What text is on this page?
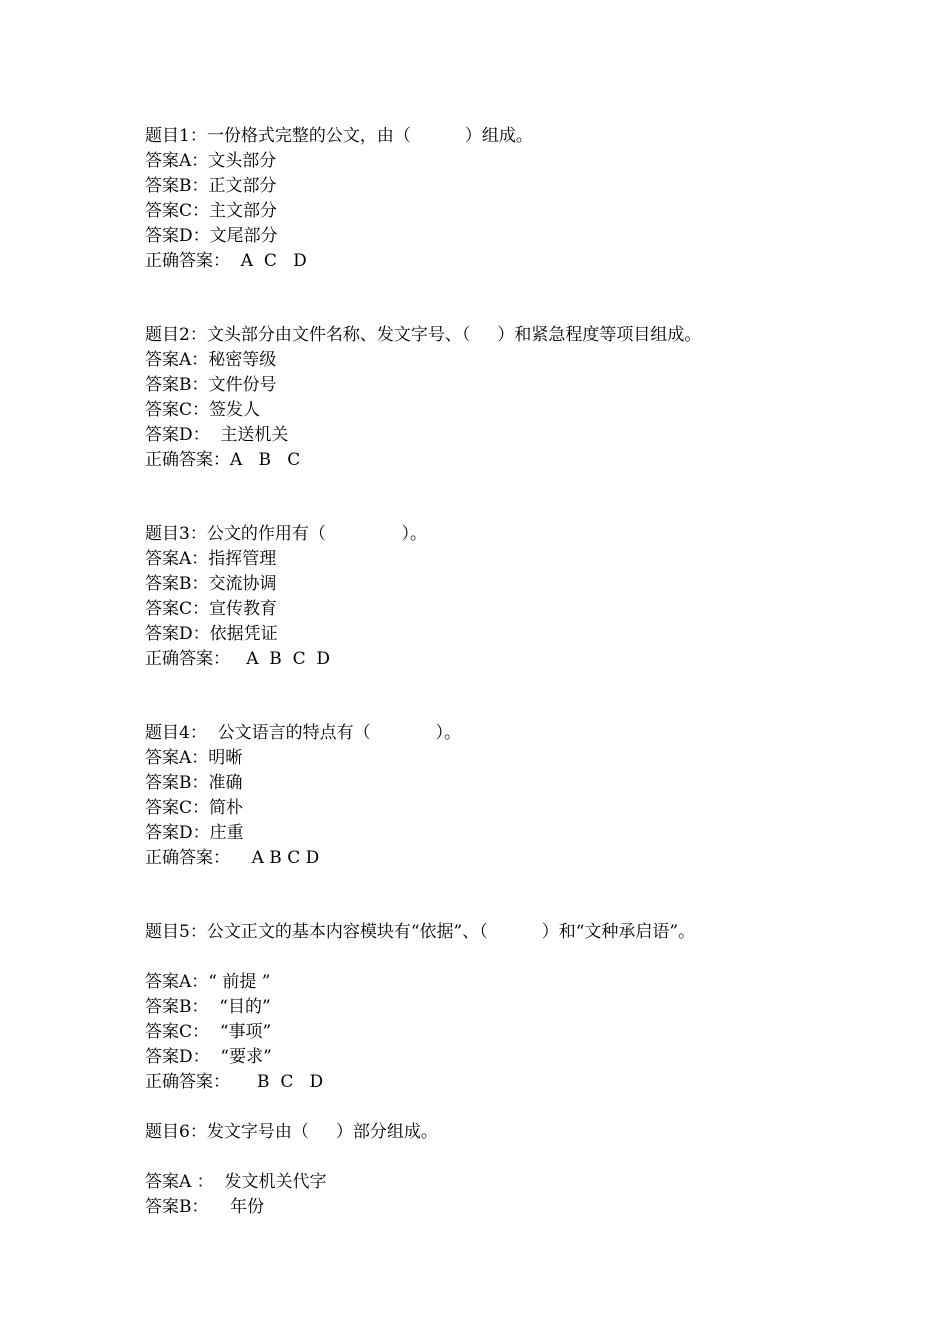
题目1：一份格式完整的公文，由（          ）组成。
答案A：文头部分
答案B：正文部分
答案C：主文部分
答案D：文尾部分
正确答案：  A  C   D
题目2：文头部分由文件名称、发文字号、（     ）和紧急程度等项目组成。
答案A：秘密等级
答案B：文件份号
答案C：签发人
答案D：  主送机关
正确答案：A   B   C
题目3：公文的作用有（              ）。
答案A：指挥管理
答案B：交流协调
答案C：宣传教育
答案D：依据凭证
正确答案：   A  B  C  D
题目4：  公文语言的特点有（            ）。
答案A：明晰
答案B：准确
答案C：简朴
答案D：庄重
正确答案：    A B C D
题目5：公文正文的基本内容模块有“依据”、（          ）和“文种承启语”。
答案A：“ 前提 ”
答案B：  “目的”
答案C：  “事项”
答案D：  “要求”
正确答案：     B  C   D
题目6：发文字号由（     ）部分组成。
答案A ：  发文机关代字
答案B：    年份
